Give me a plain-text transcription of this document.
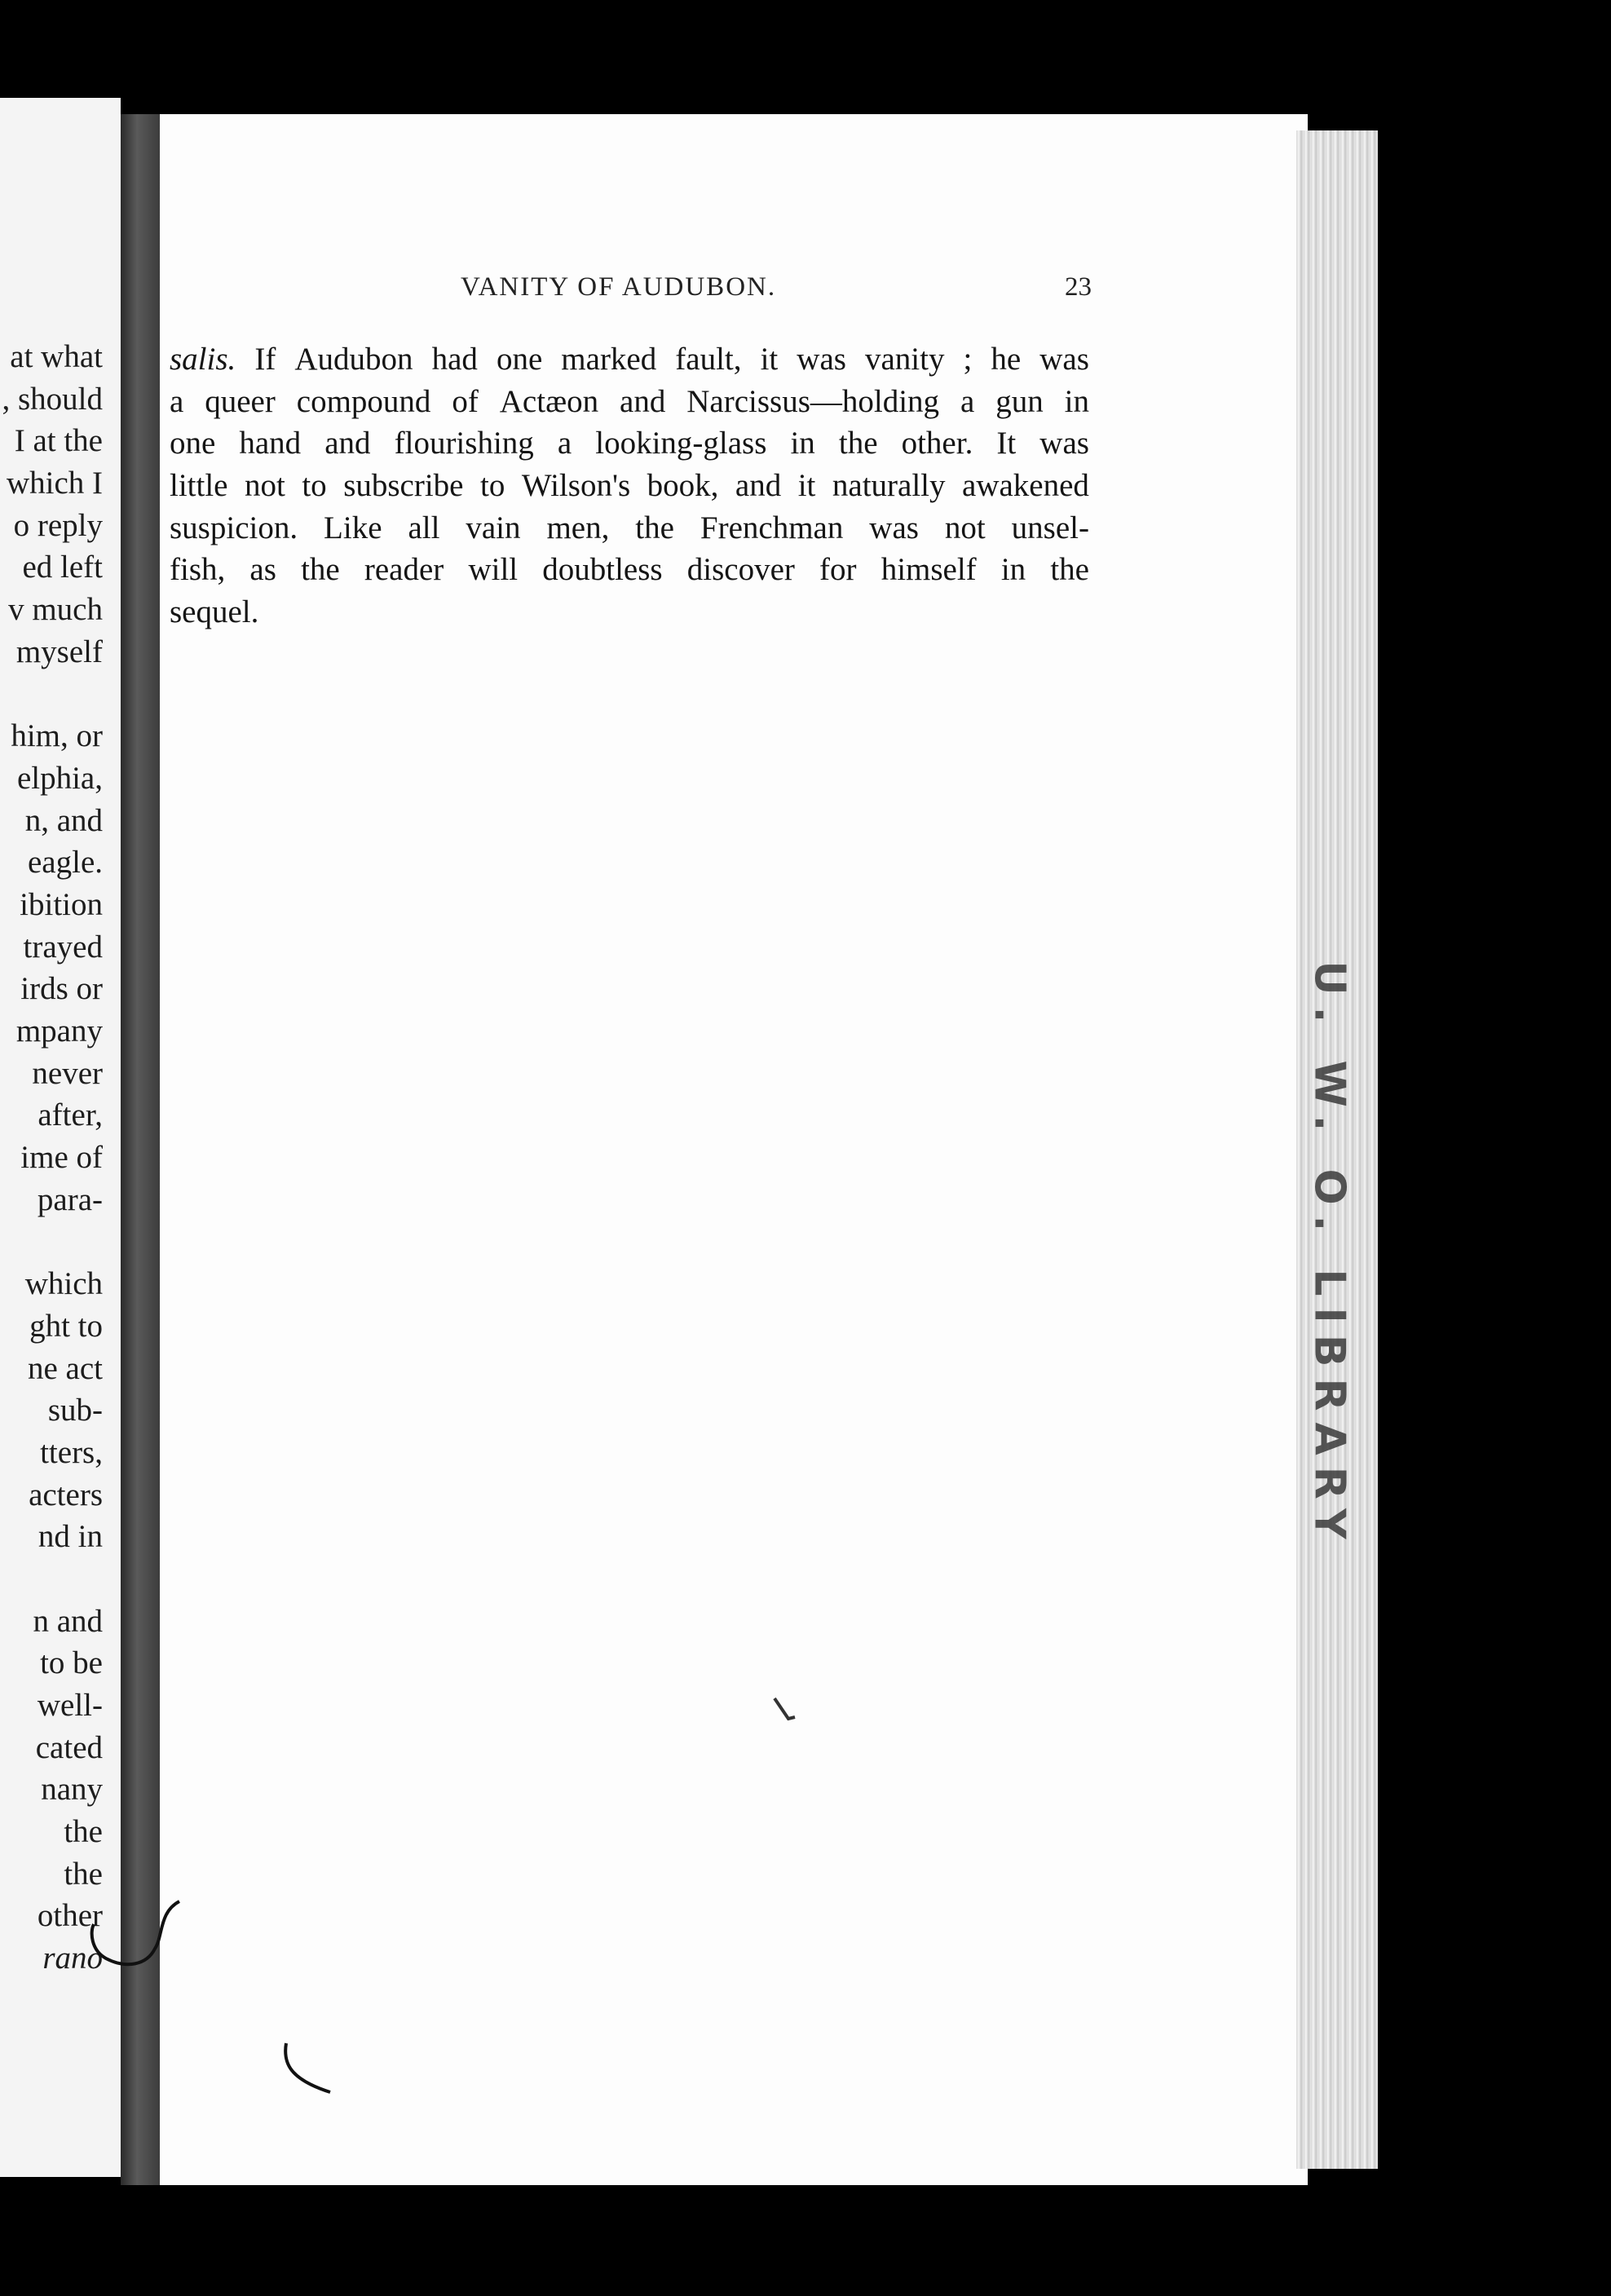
at what
, should
I at the
which I
o reply
ed left
v much
myself
him, or
elphia,
n, and
eagle.
ibition
trayed
irds or
mpany
never
after,
ime of
para-
which
ght to
ne act
sub-
tters,
acters
nd in
n and
to be
well-
cated
nany
the
the
other
rano
U. W. O. LIBRARY
VANITY OF AUDUBON.	23
salis. If Audubon had one marked fault, it was vanity ; he was
a queer compound of Actæon and Narcissus—holding a gun in
one hand and flourishing a looking-glass in the other. It was
little not to subscribe to Wilson's book, and it naturally awakened
suspicion. Like all vain men, the Frenchman was not unsel-
fish, as the reader will doubtless discover for himself in the
sequel.
